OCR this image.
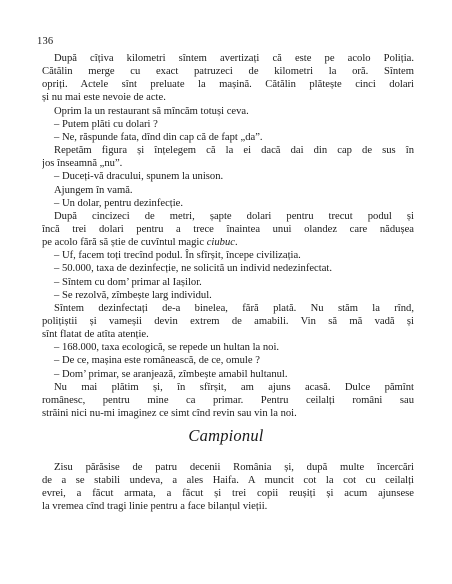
136
După cîțiva kilometri sîntem avertizați că este pe acolo Poliția.
Cătălin merge cu exact patruzeci de kilometri la oră. Sîntem
opriți. Actele sînt preluate la mașină. Cătălin plătește cinci dolari
și nu mai este nevoie de acte.
Oprim la un restaurant să mîncăm totuși ceva.
– Putem plăti cu dolari ?
– Ne, răspunde fata, dînd din cap că de fapt „da”.
Repetăm figura și înțelegem că la ei dacă dai din cap de sus în
jos înseamnă „nu”.
– Duceți-vă dracului, spunem la unison.
Ajungem în vamă.
– Un dolar, pentru dezinfecție.
După cincizeci de metri, șapte dolari pentru trecut podul și
încă trei dolari pentru a trece înaintea unui olandez care nădușea
pe acolo fără să știe de cuvîntul magic ciubuc.
– Uf, facem toți trecînd podul. În sfîrșit, începe civilizația.
– 50.000, taxa de dezinfecție, ne solicită un individ nedezinfectat.
– Sîntem cu dom’ primar al Iașilor.
– Se rezolvă, zîmbește larg individul.
Sîntem dezinfectați de-a binelea, fără plată. Nu stăm la rînd,
polițiștii și vameșii devin extrem de amabili. Vin să mă vadă și
sînt flatat de atîta atenție.
– 168.000, taxa ecologică, se repede un hultan la noi.
– De ce, mașina este românească, de ce, omule ?
– Dom’ primar, se aranjează, zîmbește amabil hultanul.
Nu mai plătim și, în sfîrșit, am ajuns acasă. Dulce pămînt
românesc, pentru mine ca primar. Pentru ceilalți români sau
străini nici nu-mi imaginez ce simt cînd revin sau vin la noi.
Campionul
Zisu părăsise de patru decenii România și, după multe încercări
de a se stabili undeva, a ales Haifa. A muncit cot la cot cu ceilalți
evrei, a făcut armata, a făcut și trei copii reușiți și acum ajunsese
la vremea cînd tragi linie pentru a face bilanțul vieții.
